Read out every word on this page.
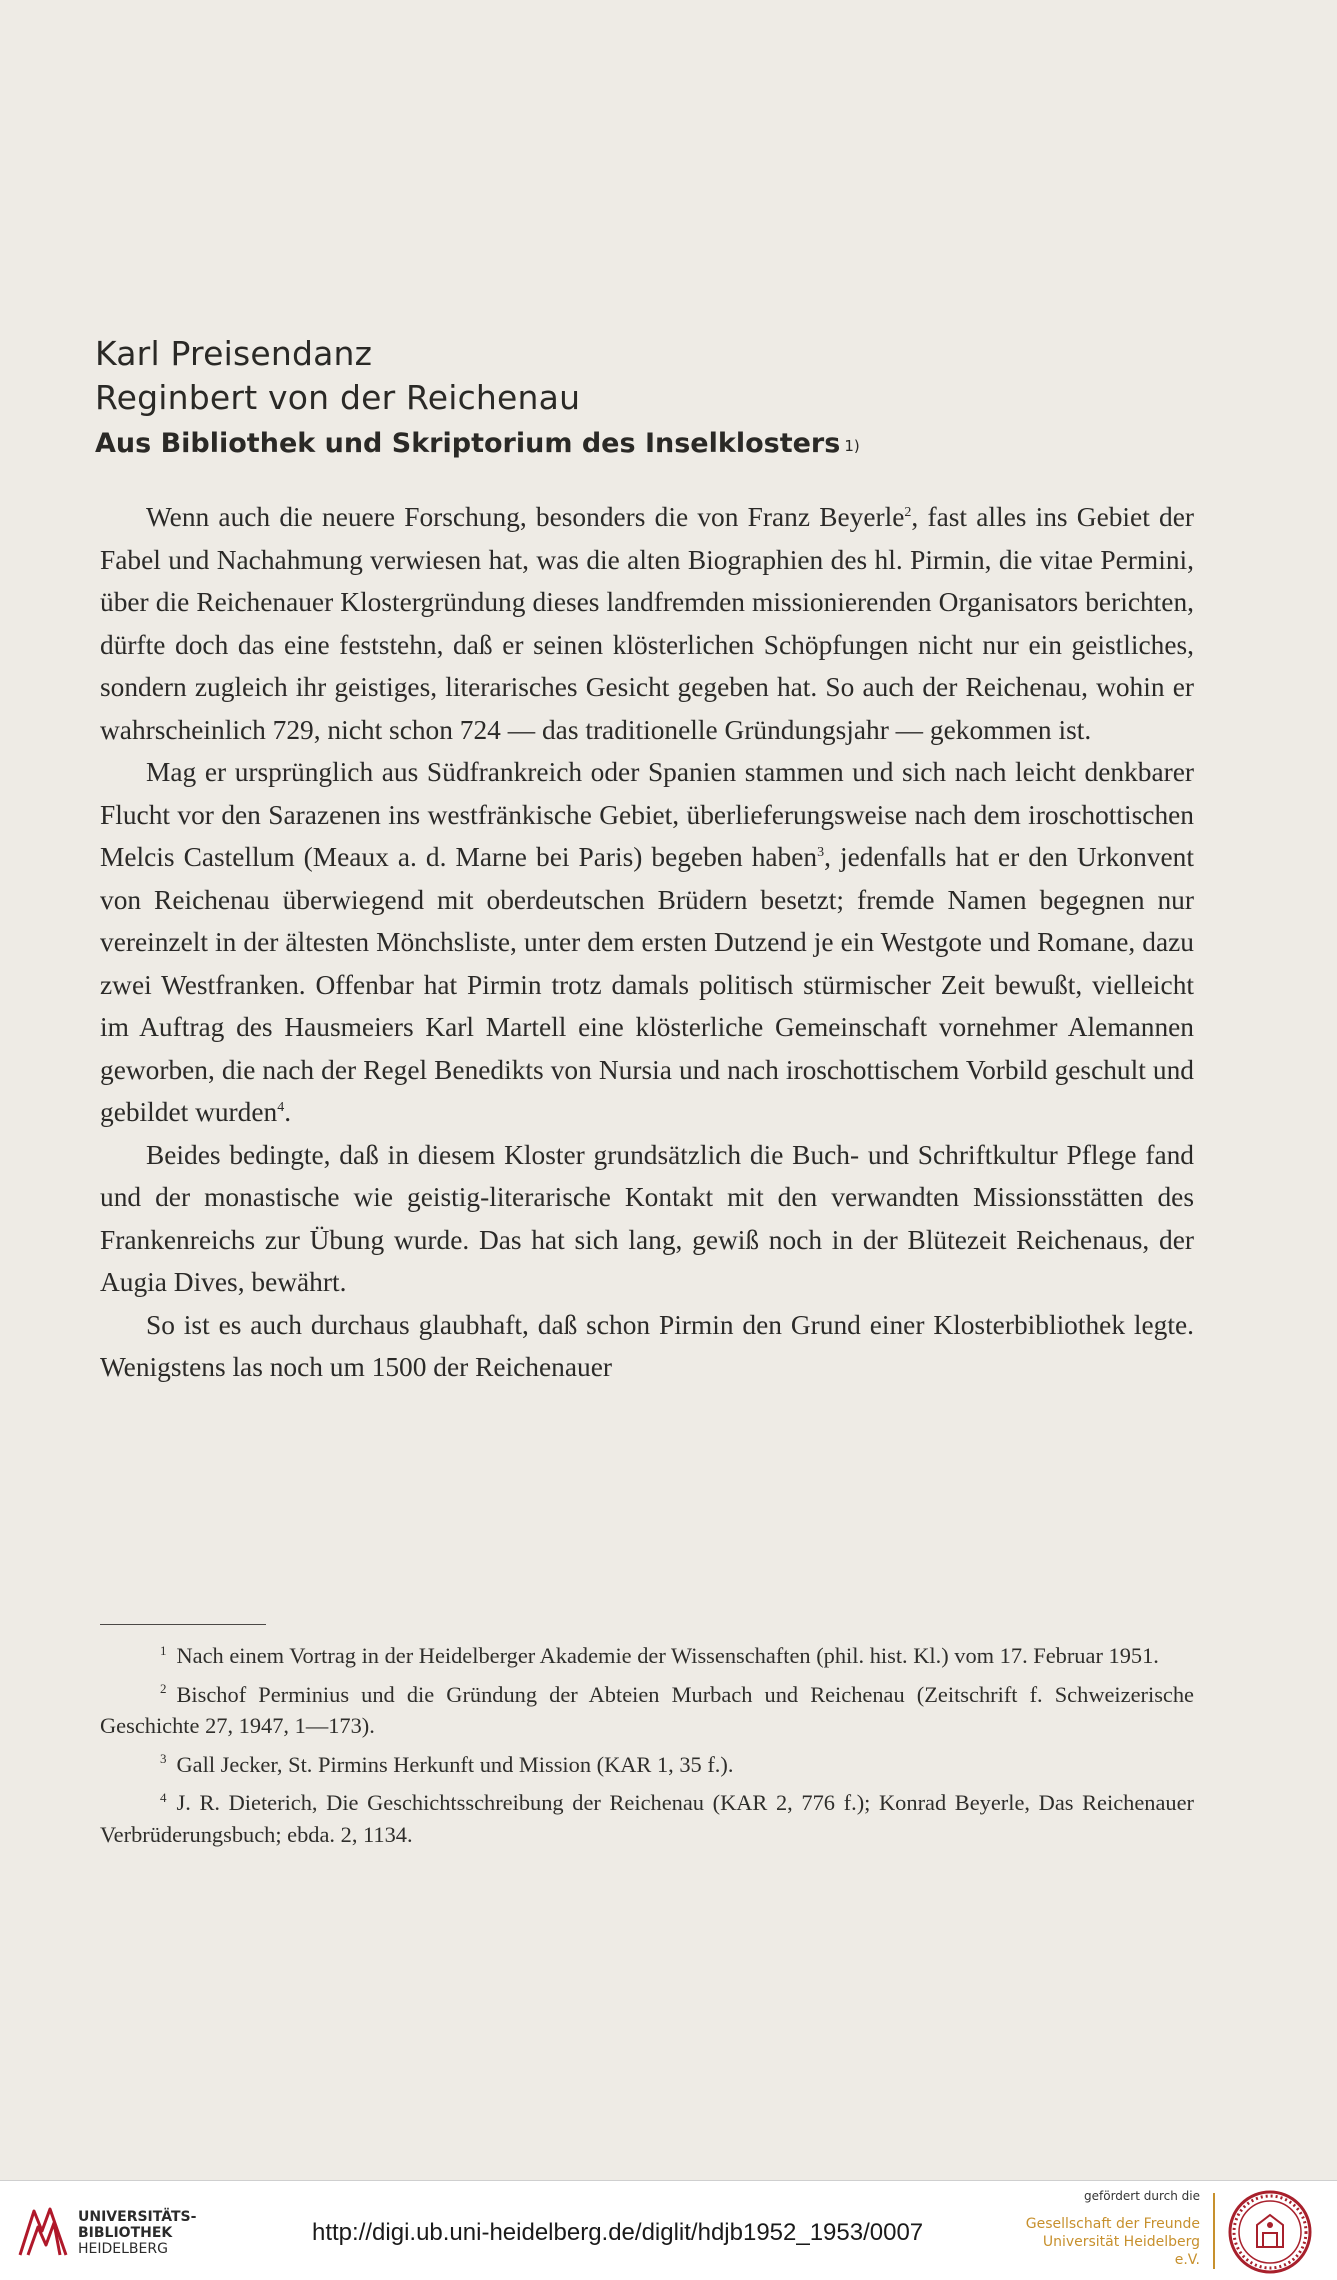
Karl Preisendanz
Reginbert von der Reichenau
Aus Bibliothek und Skriptorium des Inselklosters $^{1)}$

Wenn auch die neuere Forschung, besonders die von Franz Beyerle$^2$, fast alles ins Gebiet der Fabel und Nachahmung verwiesen hat, was die alten Biographien des hl. Pirmin, die vitae Permini, über die Reichenauer Klostergründung dieses landfremden missionierenden Organisators berichten, dürfte doch das eine feststehn, daß er seinen klösterlichen Schöpfungen nicht nur ein geistliches, sondern zugleich ihr geistiges, literarisches Gesicht gegeben hat. So auch der Reichenau, wohin er wahrscheinlich 729, nicht schon 724 — das traditionelle Gründungsjahr — gekommen ist.

Mag er ursprünglich aus Südfrankreich oder Spanien stammen und sich nach leicht denkbarer Flucht vor den Sarazenen ins westfränkische Gebiet, überlieferungsweise nach dem iroschottischen Melcis Castellum (Meaux a. d. Marne bei Paris) begeben haben$^3$, jedenfalls hat er den Urkonvent von Reichenau überwiegend mit oberdeutschen Brüdern besetzt; fremde Namen begegnen nur vereinzelt in der ältesten Mönchsliste, unter dem ersten Dutzend je ein Westgote und Romane, dazu zwei Westfranken. Offenbar hat Pirmin trotz damals politisch stürmischer Zeit bewußt, vielleicht im Auftrag des Hausmeiers Karl Martell eine klösterliche Gemeinschaft vornehmer Alemannen geworben, die nach der Regel Benedikts von Nursia und nach iroschottischem Vorbild geschult und gebildet wurden$^4$.

Beides bedingte, daß in diesem Kloster grundsätzlich die Buch- und Schriftkultur Pflege fand und der monastische wie geistig-literarische Kontakt mit den verwandten Missionsstätten des Frankenreichs zur Übung wurde. Das hat sich lang, gewiß noch in der Blütezeit Reichenaus, der Augia Dives, bewährt.

So ist es auch durchaus glaubhaft, daß schon Pirmin den Grund einer Klosterbibliothek legte. Wenigstens las noch um 1500 der Reichenauer

$^1$ Nach einem Vortrag in der Heidelberger Akademie der Wissenschaften (phil. hist. Kl.) vom 17. Februar 1951.
$^2$ Bischof Perminius und die Gründung der Abteien Murbach und Reichenau (Zeitschrift f. Schweizerische Geschichte 27, 1947, 1—173).
$^3$ Gall Jecker, St. Pirmins Herkunft und Mission (KAR 1, 35 f.).
$^4$ J. R. Dieterich, Die Geschichtsschreibung der Reichenau (KAR 2, 776 f.); Konrad Beyerle, Das Reichenauer Verbrüderungsbuch; ebda. 2, 1134.
UNIVERSITÄTS-
BIBLIOTHEK
HEIDELBERG
http://digi.ub.uni-heidelberg.de/diglit/hdjb1952_1953/0007
gefördert durch die
Gesellschaft der Freunde
Universität Heidelberg e.V.
